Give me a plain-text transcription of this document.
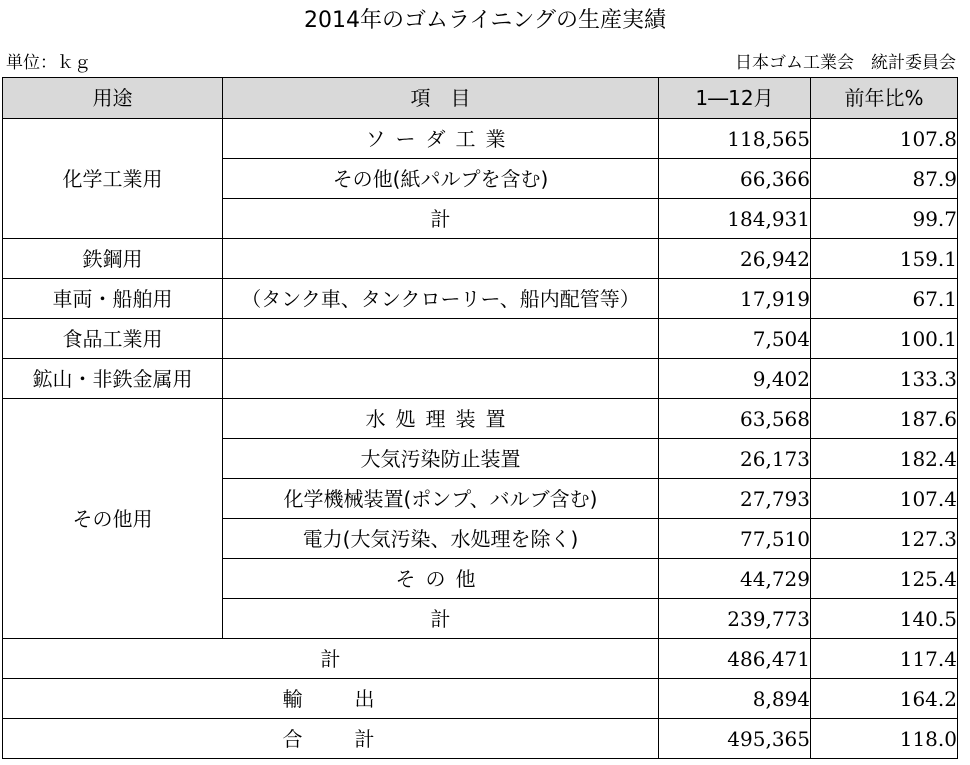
2014年のゴムライニングの生産実績
単位：ｋｇ	日本ゴム工業会　統計委員会
用途	項　目	1―12月	前年比%
化学工業用	ソーダ工業	118,565	107.8
	その他(紙パルプを含む)	66,366	87.9
	計	184,931	99.7
鉄鋼用		26,942	159.1
車両・船舶用	（タンク車、タンクローリー、船内配管等）	17,919	67.1
食品工業用		7,504	100.1
鉱山・非鉄金属用		9,402	133.3
その他用	水処理装置	63,568	187.6
	大気汚染防止装置	26,173	182.4
	化学機械装置(ポンプ、バルブ含む)	27,793	107.4
	電力(大気汚染、水処理を除く)	77,510	127.3
	その他	44,729	125.4
	計	239,773	140.5
計		486,471	117.4
輸　　出		8,894	164.2
合　　計		495,365	118.0
